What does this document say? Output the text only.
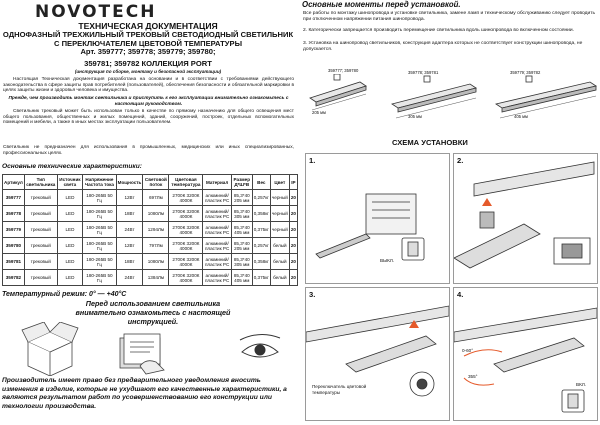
NOVOTECH
ТЕХНИЧЕСКАЯ ДОКУМЕНТАЦИЯ
ОДНОФАЗНЫЙ ТРЕХЖИЛЬНЫЙ ТРЕКОВЫЙ СВЕТОДИОДНЫЙ СВЕТИЛЬНИК С ПЕРЕКЛЮЧАТЕЛЕМ ЦВЕТОВОЙ ТЕМПЕРАТУРЫ
Арт. 359777; 359778; 359779; 359780;
359781; 359782 КОЛЛЕКЦИЯ PORT
(инструкция по сборке, монтажу и безопасной эксплуатации)
Настоящая Техническая документация разработана на основании и в соответствии с требованиями действующего законодательства в сфере защиты прав потребителей (пользователей), обеспечения безопасности и обязательной маркировки в целях защиты жизни и здоровья человека и имущества.
Прежде, чем производить монтаж светильника и приступить к его эксплуатации внимательно ознакомьтесь с настоящим руководством.
Светильник трековый может быть использован только в качестве по прямому назначению для общего освещения мест общего пользования, общественных и жилых помещений, зданий, сооружений, построек, отдельных вспомогательных помещений и мебели, а также в иных местах эксплуатации пользователем.
Светильник не предназначен для использования в промышленных, медицинских или иных специализированных, профессиональных целях.
Основные технические характеристики:
Артикул	Тип светильника	Источник света	Напряжение Частота тока	Мощность	Световой поток	Цветовая температура	Материал	Размер Д*Ш*В	Вес	Цвет	IP
359777	трековый	LED	180-265В 50 Гц	12Вт	697Лм	2700К 3200К 4000К	алюминий/ пластик PC	85,3*40 205 мм	0,257кг	черный	20
359778	трековый	LED	180-265В 50 Гц	18Вт	1080Лм	2700К 3200К 4000К	алюминий/ пластик PC	85,3*40 305 мм	0,358кг	черный	20
359779	трековый	LED	180-265В 50 Гц	24Вт	1294Лм	2700К 3200К 4000К	алюминий/ пластик PC	85,3*40 405 мм	0,375кг	черный	20
359780	трековый	LED	180-265В 50 Гц	12Вт	797Лм	2700К 3200К 4000К	алюминий/ пластик PC	85,3*40 205 мм	0,257кг	белый	20
359781	трековый	LED	180-265В 50 Гц	18Вт	1080Лм	2700К 3200К 4000К	алюминий/ пластик PC	85,3*40 305 мм	0,358кг	белый	20
359782	трековый	LED	180-265В 50 Гц	24Вт	1384Лм	2700К 3200К 4000К	алюминий/ пластик PC	85,3*40 405 мм	0,375кг	белый	20
Температурный режим: 0° — +40°С
Перед использованием светильника внимательно ознакомьтесь с настоящей инструкцией.
Производитель имеет право без предварительного уведомления вносить изменения в изделие, которые не ухудшают его качественные характеристики, а являются результатом работ по усовершенствованию его конструкции или технологии производства.
Основные моменты перед установкой.
Все работы по монтажу шинопровода и установке светильника, замене ламп и техническому обслуживанию следует проводить при отключенном напряжении питания шинопровода.
2. Категорически запрещается производить перемещение светильника вдоль шинопровода во включенном состоянии.
3. Установка на шинопровод светильников, конструкция адаптера которых не соответствует конструкции шинопровода, не допускается.
359777; 359780	359778; 359781	359779; 359782
205 мм
305 мм	405 мм
СХЕМА УСТАНОВКИ
1.
ВЫКЛ.
2.
3.
Переключатель цветовой температуры
4.
0-60°
355°
ВКЛ.
